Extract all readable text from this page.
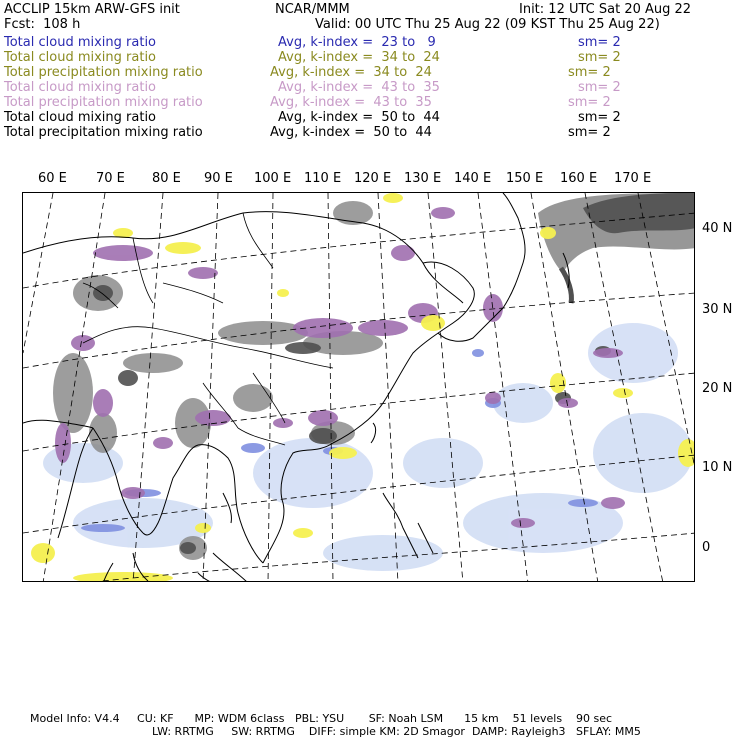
ACCLIP 15km ARW-GFS init	NCAR/MMM	Init: 12 UTC Sat 20 Aug 22
Fcst:  108 h	Valid: 00 UTC Thu 25 Aug 22 (09 KST Thu 25 Aug 22)
Total cloud mixing ratio	Avg, k-index =  23 to   9	sm= 2
Total cloud mixing ratio	Avg, k-index =  34 to  24	sm= 2
Total precipitation mixing ratio	Avg, k-index =  34 to  24	sm= 2
Total cloud mixing ratio	Avg, k-index =  43 to  35	sm= 2
Total precipitation mixing ratio	Avg, k-index =  43 to  35	sm= 2
Total cloud mixing ratio	Avg, k-index =  50 to  44	sm= 2
Total precipitation mixing ratio	Avg, k-index =  50 to  44	sm= 2
60 E 70 E 80 E 90 E 100 E 110 E 120 E 130 E 140 E 150 E 160 E 170 E
40 N
30 N
20 N
10 N
0
Model Info: V4.4     CU: KF      MP: WDM 6class   PBL: YSU       SF: Noah LSM      15 km    51 levels    90 sec
LW: RRTMG     SW: RRTMG    DIFF: simple KM: 2D Smagor  DAMP: Rayleigh3   SFLAY: MM5
